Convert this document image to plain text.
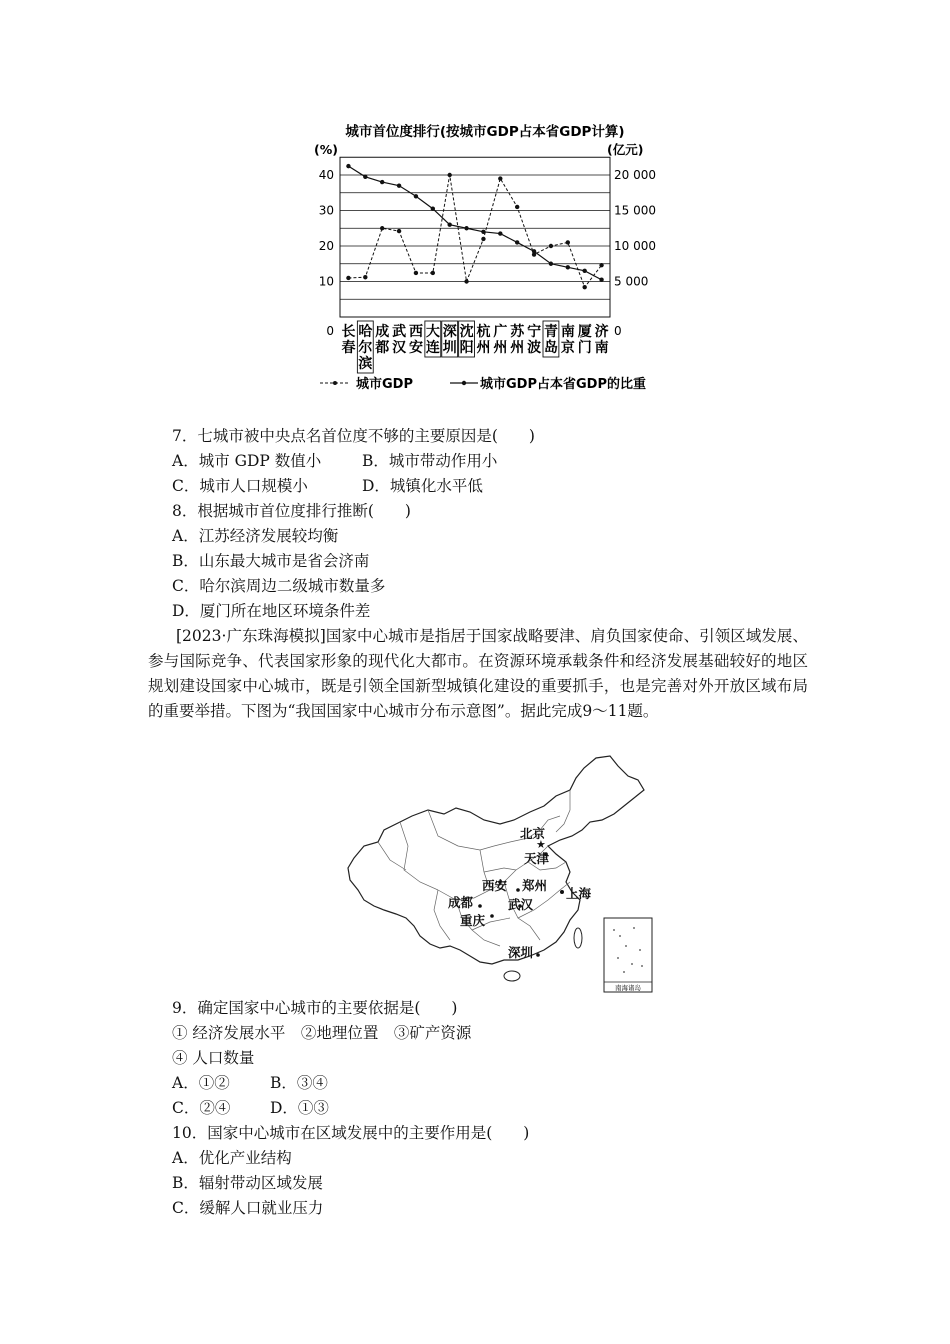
城市首位度排行(按城市GDP占本省GDP计算)
(%)	(亿元)
0
10
20
30
40
0
5 000
10 000
15 000
20 000
长
春
哈
尔
滨
成
都
武
汉
西
安
大
连
深
圳
沈
阳
杭
州
广
州
苏
州
宁
波
青
岛
南
京
厦
门
济
南
城市GDP	城市GDP占本省GDP的比重
7．七城市被中央点名首位度不够的主要原因是(　　)
A．城市 GDP 数值小	B．城市带动作用小
C．城市人口规模小	D．城镇化水平低
8．根据城市首位度排行推断(　　)
A．江苏经济发展较均衡
B．山东最大城市是省会济南
C．哈尔滨周边二级城市数量多
D．厦门所在地区环境条件差
[2023·广东珠海模拟]国家中心城市是指居于国家战略要津、肩负国家使命、引领区域发展、参与国际竞争、代表国家形象的现代化大都市。在资源环境承载条件和经济发展基础较好的地区规划建设国家中心城市，既是引领全国新型城镇化建设的重要抓手，也是完善对外开放区域布局的重要举措。下图为“我国国家中心城市分布示意图”。据此完成9～11题。
南海诸岛
★
北京
天津
上海
郑州
西安
武汉
成都
重庆
深圳
9．确定国家中心城市的主要依据是(　　)
① 经济发展水平　②地理位置　③矿产资源
④ 人口数量
A．①②	B．③④
C．②④	D．①③
10．国家中心城市在区域发展中的主要作用是(　　)
A．优化产业结构
B．辐射带动区域发展
C．缓解人口就业压力
